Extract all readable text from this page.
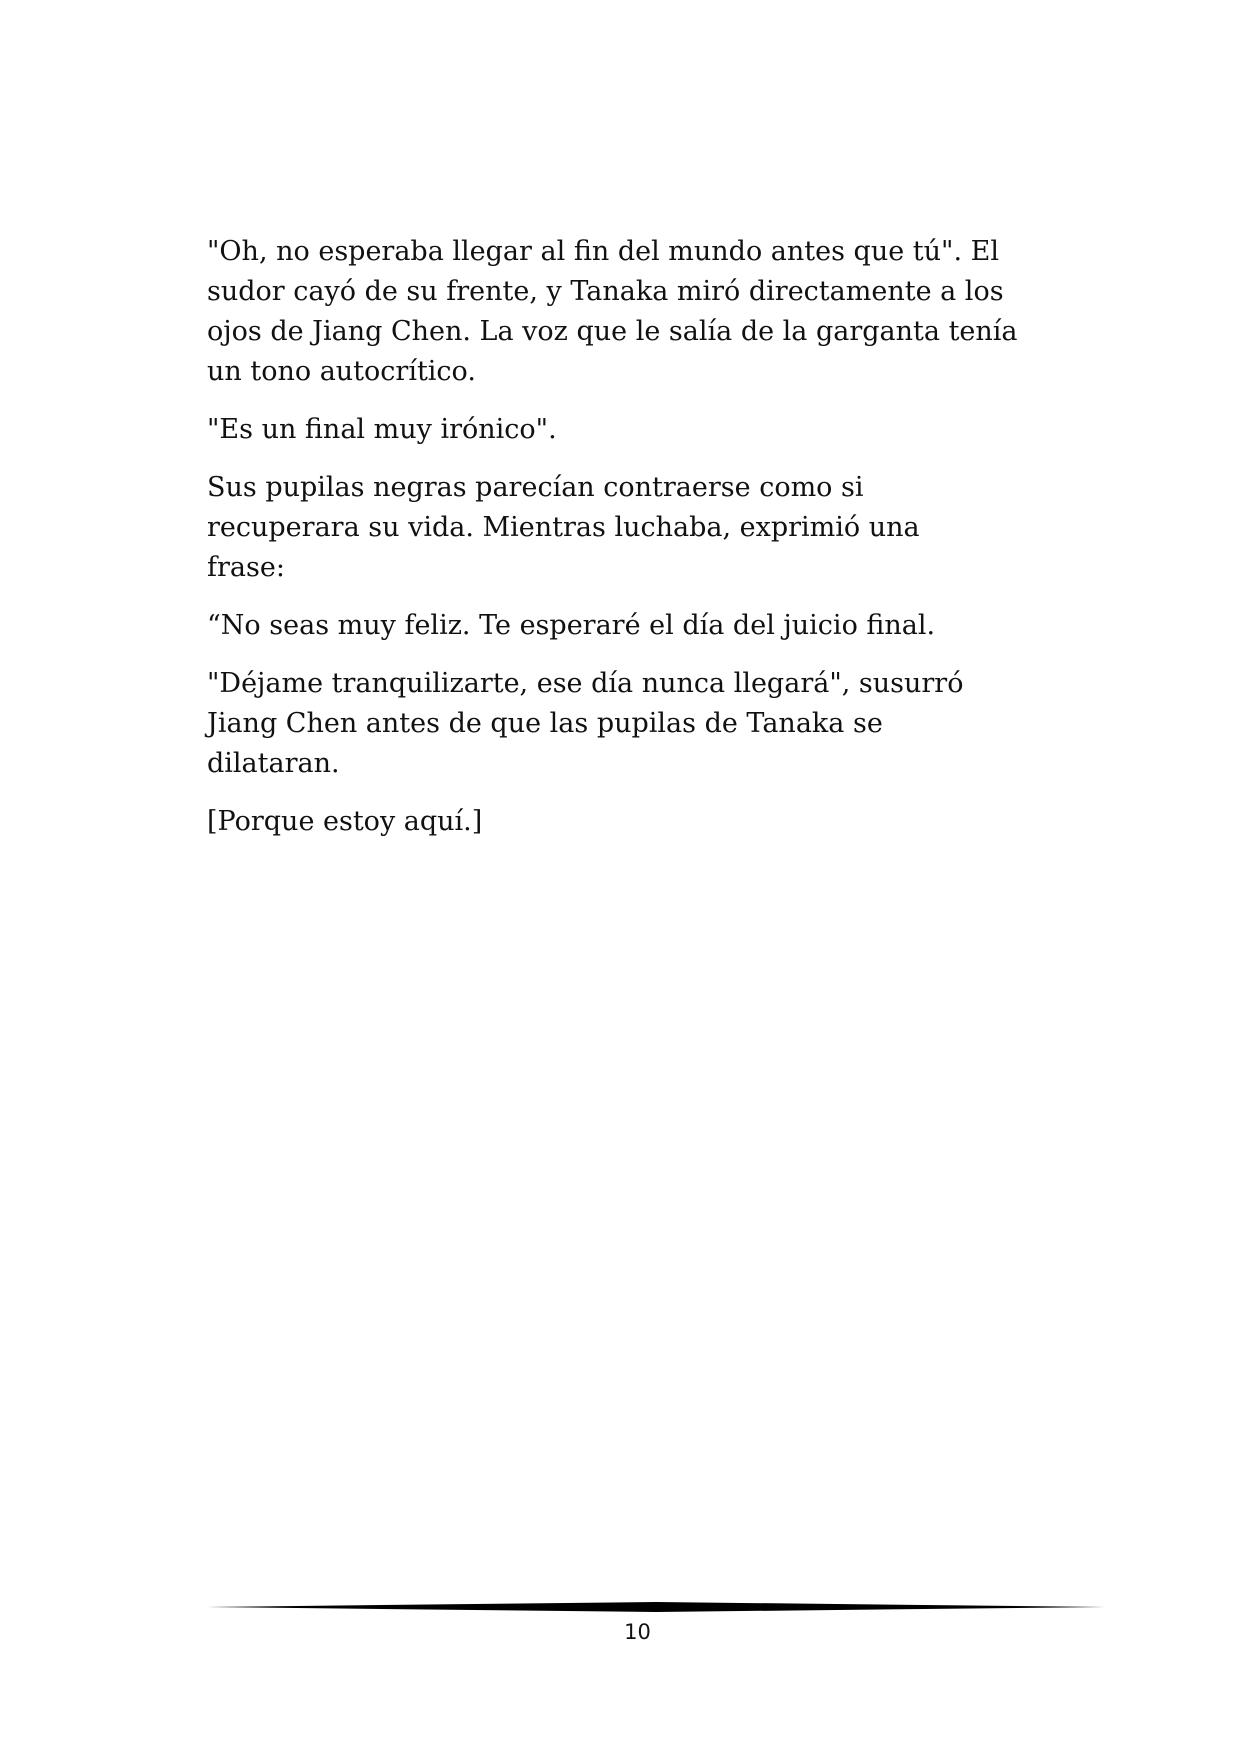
"Oh, no esperaba llegar al fin del mundo antes que tú". El sudor cayó de su frente, y Tanaka miró directamente a los ojos de Jiang Chen. La voz que le salía de la garganta tenía un tono autocrítico.

"Es un final muy irónico".

Sus pupilas negras parecían contraerse como si recuperara su vida. Mientras luchaba, exprimió una frase:

“No seas muy feliz. Te esperaré el día del juicio final.

"Déjame tranquilizarte, ese día nunca llegará", susurró Jiang Chen antes de que las pupilas de Tanaka se dilataran.

[Porque estoy aquí.]

10
